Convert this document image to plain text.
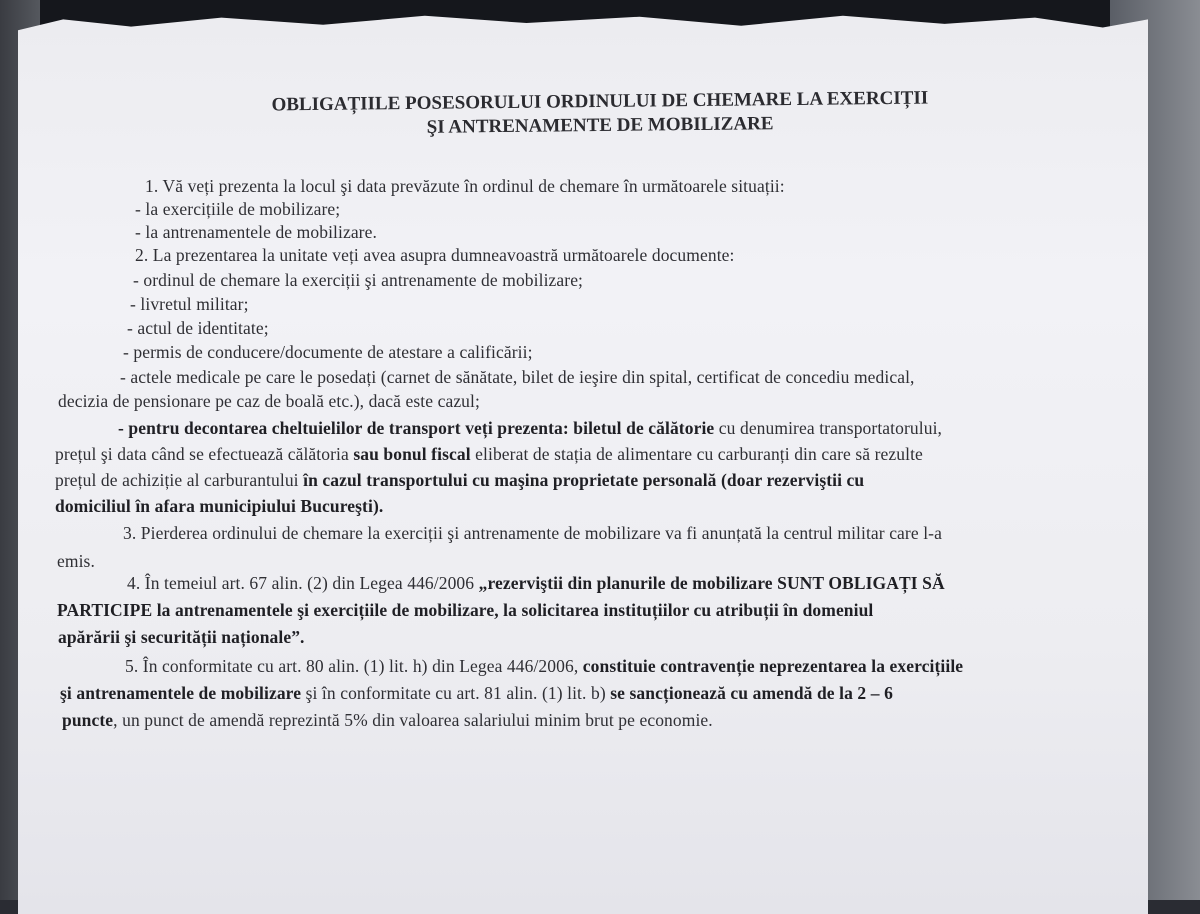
OBLIGAȚIILE POSESORULUI ORDINULUI DE CHEMARE LA EXERCIȚII
ŞI ANTRENAMENTE DE MOBILIZARE
1. Vă veți prezenta la locul şi data prevăzute în ordinul de chemare în următoarele situații:
- la exercițiile de mobilizare;
- la antrenamentele de mobilizare.
2. La prezentarea la unitate veți avea asupra dumneavoastră următoarele documente:
- ordinul de chemare la exerciții şi antrenamente de mobilizare;
- livretul militar;
- actul de identitate;
- permis de conducere/documente de atestare a calificării;
- actele medicale pe care le posedați (carnet de sănătate, bilet de ieşire din spital, certificat de concediu medical,
decizia de pensionare pe caz de boală etc.), dacă este cazul;
- pentru decontarea cheltuielilor de transport veți prezenta: biletul de călătorie cu denumirea transportatorului,
prețul şi data când se efectuează călătoria sau bonul fiscal eliberat de stația de alimentare cu carburanți din care să rezulte
prețul de achiziție al carburantului în cazul transportului cu maşina proprietate personală (doar rezerviştii cu
domiciliul în afara municipiului Bucureşti).
3. Pierderea ordinului de chemare la exerciții şi antrenamente de mobilizare va fi anunțată la centrul militar care l-a
emis.
4. În temeiul art. 67 alin. (2) din Legea 446/2006 „rezerviştii din planurile de mobilizare SUNT OBLIGAȚI SĂ
PARTICIPE la antrenamentele şi exercițiile de mobilizare, la solicitarea instituțiilor cu atribuții în domeniul
apărării şi securității naționale”.
5. În conformitate cu art. 80 alin. (1) lit. h) din Legea 446/2006, constituie contravenție neprezentarea la exercițiile
şi antrenamentele de mobilizare şi în conformitate cu art. 81 alin. (1) lit. b) se sancționează cu amendă de la 2 – 6
puncte, un punct de amendă reprezintă 5% din valoarea salariului minim brut pe economie.
